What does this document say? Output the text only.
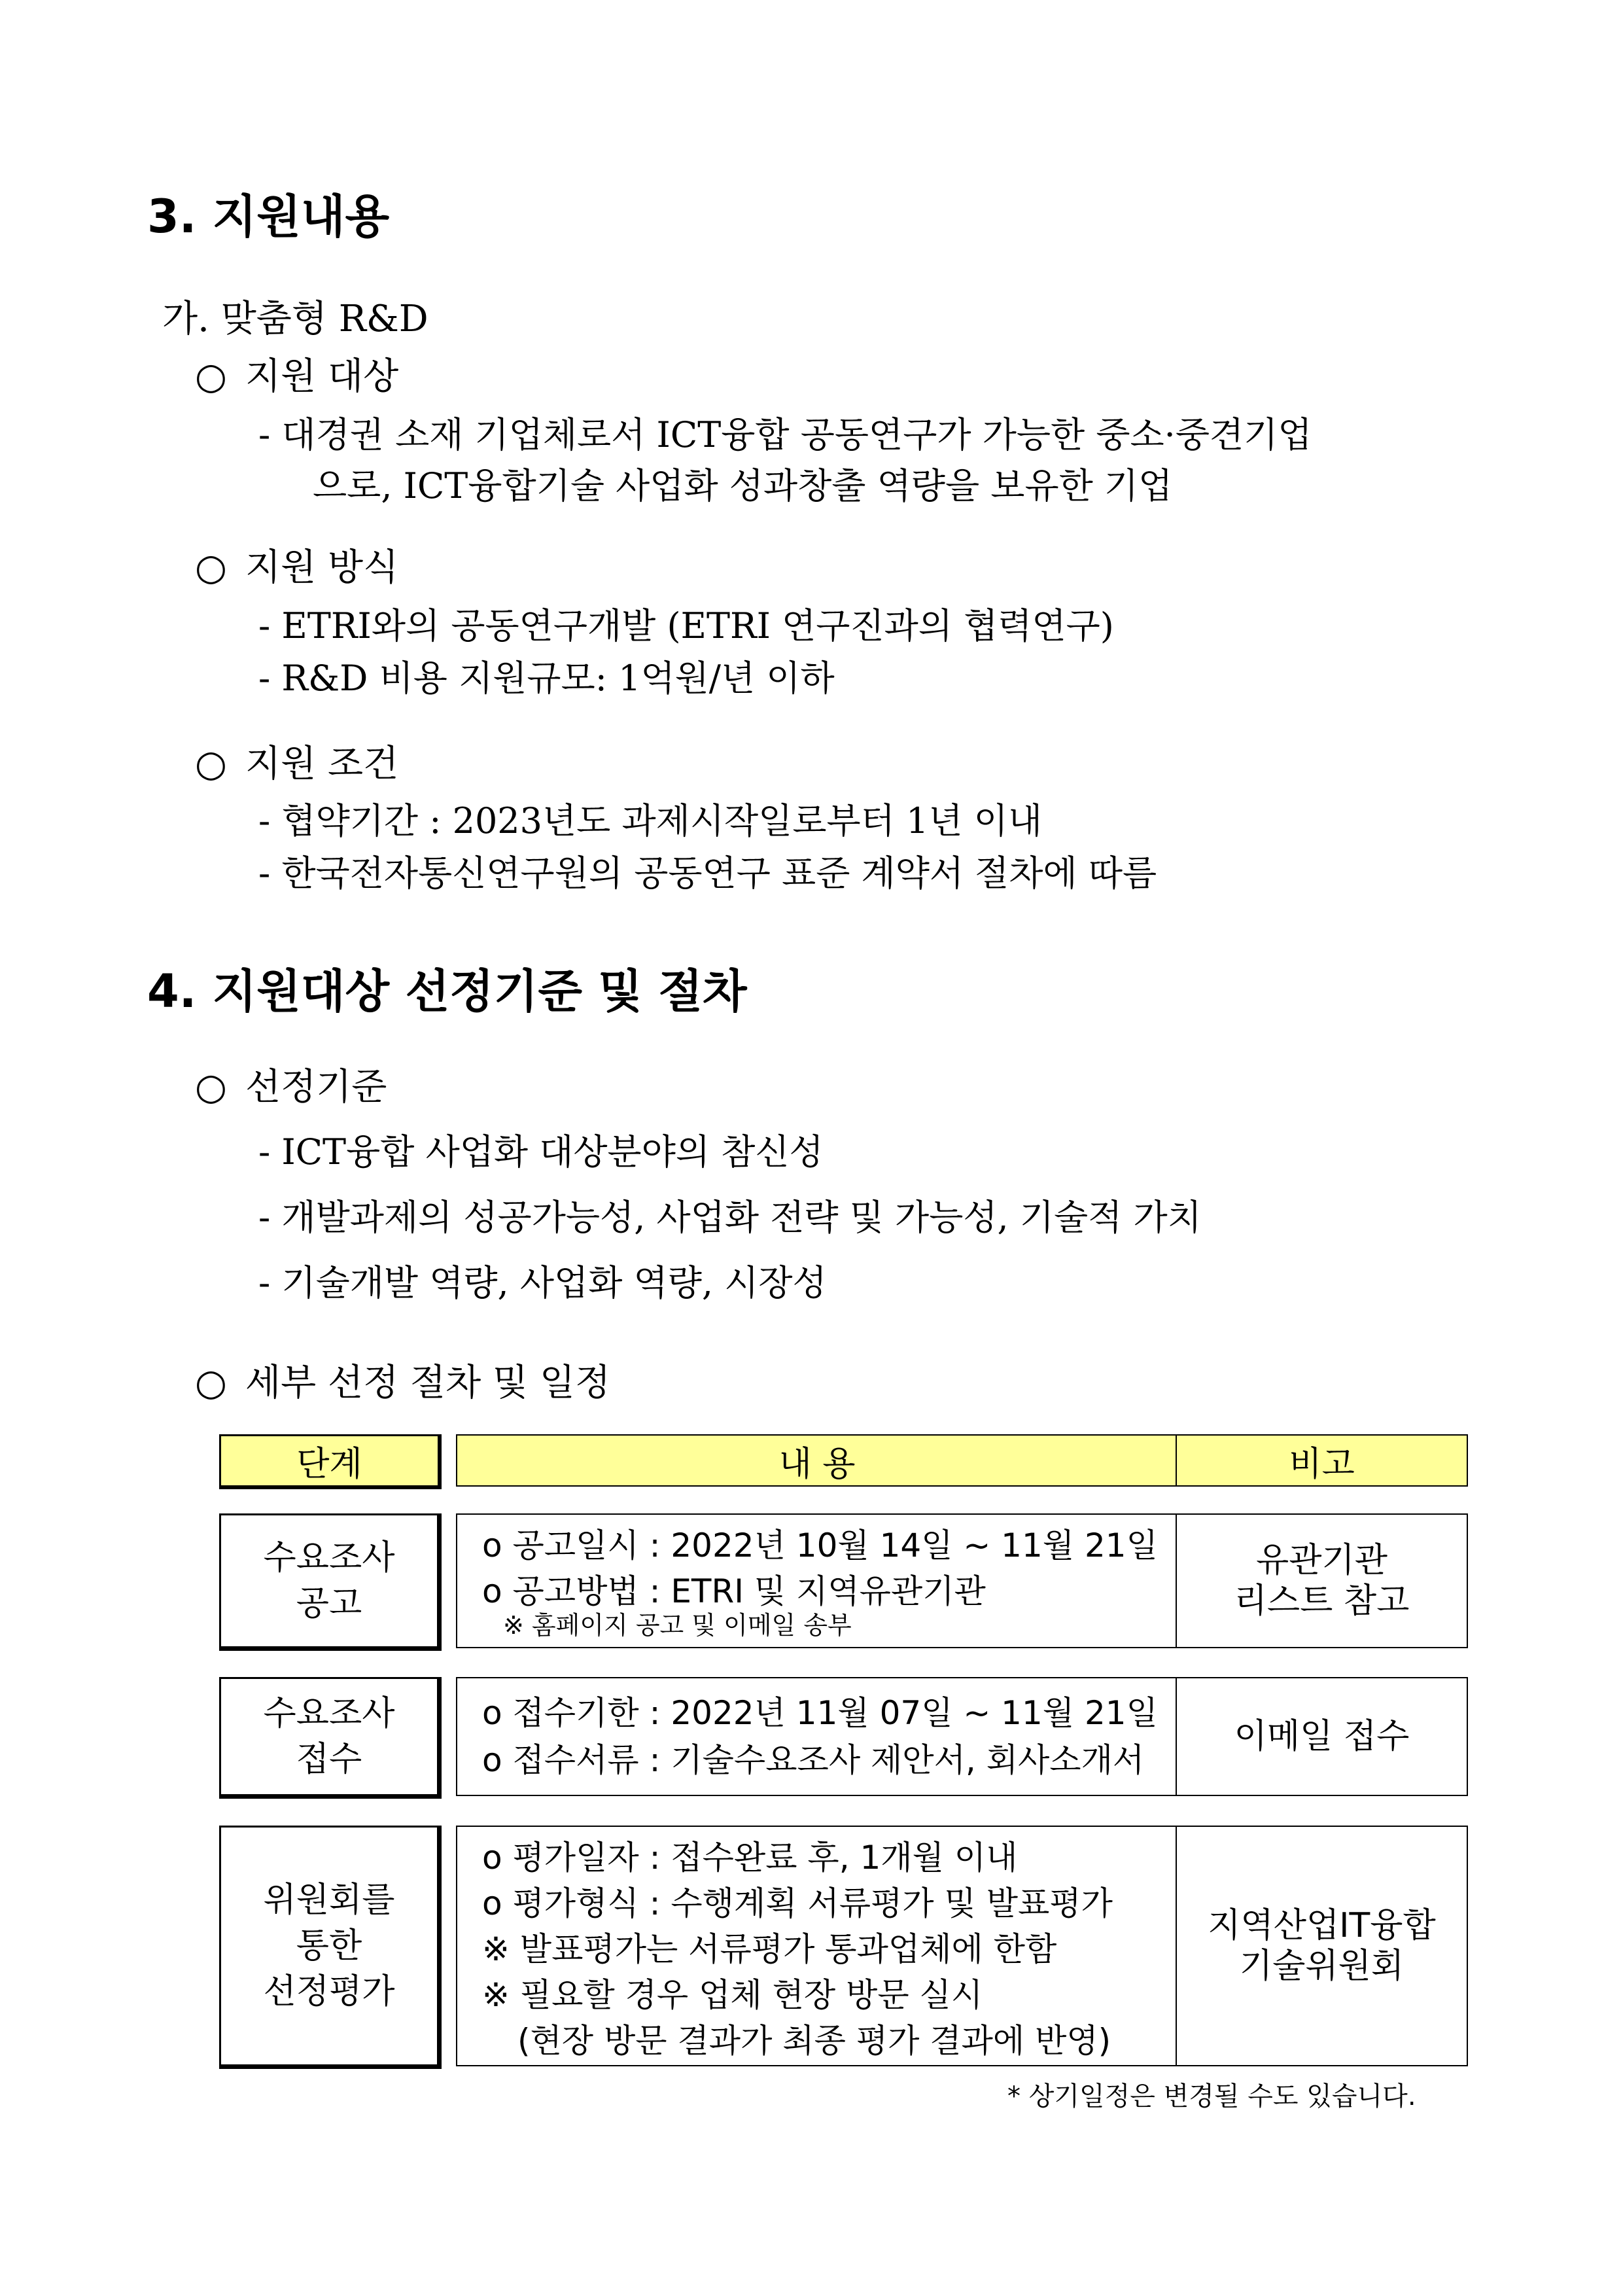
3. 지원내용
가. 맞춤형 R&D
○ 지원 대상
- 대경권 소재 기업체로서 ICT융합 공동연구가 가능한 중소·중견기업
으로, ICT융합기술 사업화 성과창출 역량을 보유한 기업
○ 지원 방식
- ETRI와의 공동연구개발 (ETRI 연구진과의 협력연구)
- R&D 비용 지원규모: 1억원/년 이하
○ 지원 조건
- 협약기간 : 2023년도 과제시작일로부터 1년 이내
- 한국전자통신연구원의 공동연구 표준 계약서 절차에 따름
4. 지원대상 선정기준 및 절차
○ 선정기준
- ICT융합 사업화 대상분야의 참신성
- 개발과제의 성공가능성, 사업화 전략 및 가능성, 기술적 가치
- 기술개발 역량, 사업화 역량, 시장성
○ 세부 선정 절차 및 일정
단계	내 용	비고
수요조사
공고
o 공고일시 : 2022년 10월 14일 ~ 11월 21일
o 공고방법 : ETRI 및 지역유관기관
※ 홈페이지 공고 및 이메일 송부
유관기관
리스트 참고
수요조사
접수
o 접수기한 : 2022년 11월 07일 ~ 11월 21일
o 접수서류 : 기술수요조사 제안서, 회사소개서
이메일 접수
위원회를
통한
선정평가
o 평가일자 : 접수완료 후, 1개월 이내
o 평가형식 : 수행계획 서류평가 및 발표평가
※ 발표평가는 서류평가 통과업체에 한함
※ 필요할 경우 업체 현장 방문 실시
(현장 방문 결과가 최종 평가 결과에 반영)
지역산업IT융합
기술위원회
* 상기일정은 변경될 수도 있습니다.
